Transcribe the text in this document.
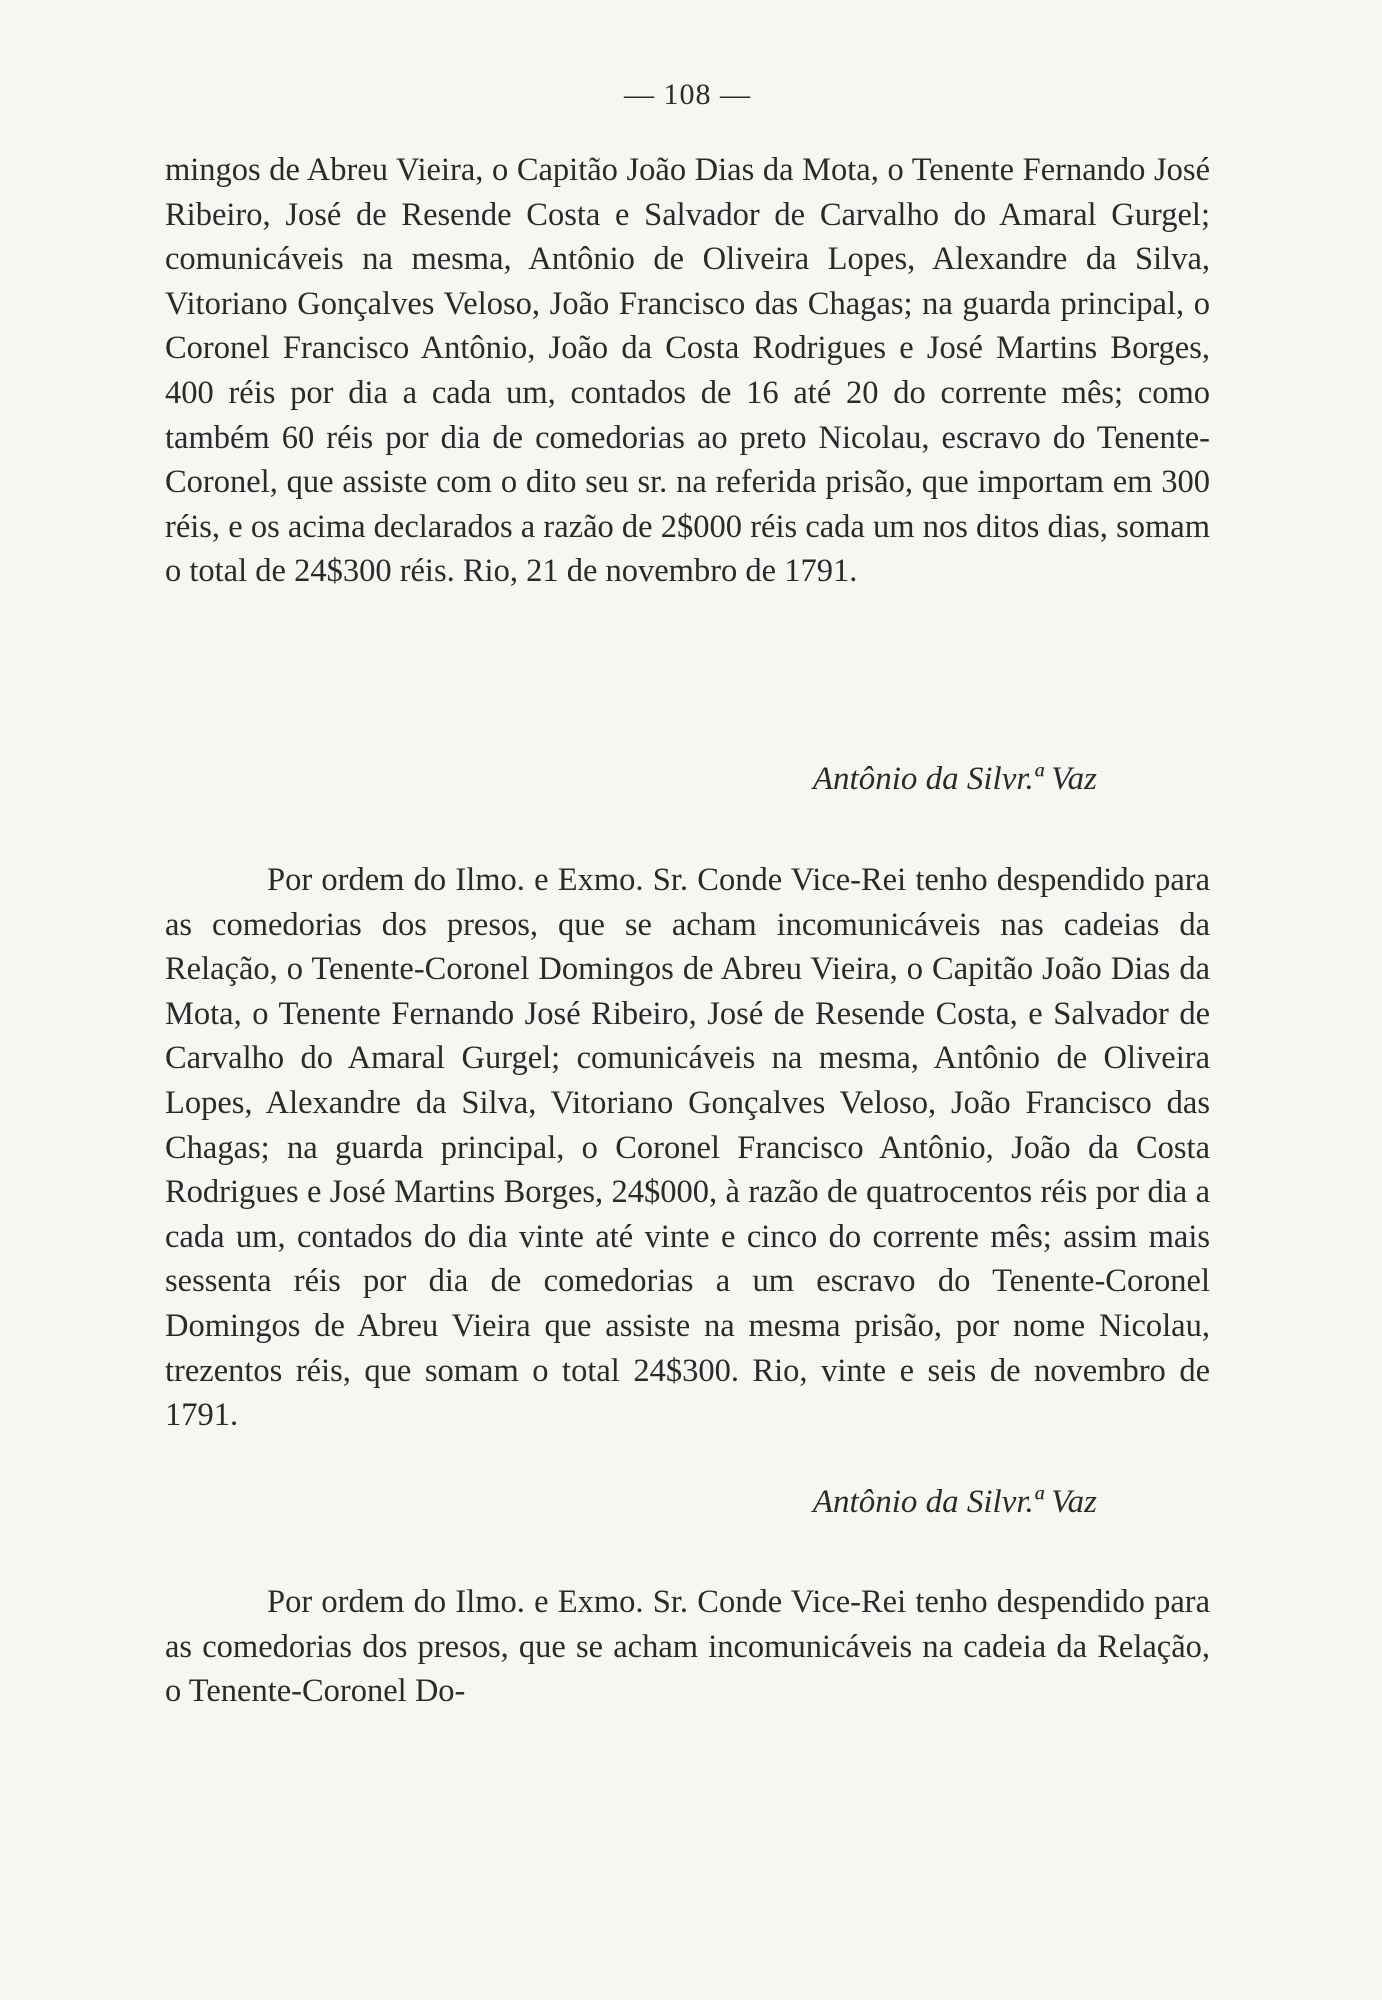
— 108 —

mingos de Abreu Vieira, o Capitão João Dias da Mota, o Tenente Fernando José Ribeiro, José de Resende Costa e Salvador de Carvalho do Amaral Gurgel; comunicáveis na mesma, Antônio de Oliveira Lopes, Alexandre da Silva, Vitoriano Gonçalves Veloso, João Francisco das Chagas; na guarda principal, o Coronel Francisco Antônio, João da Costa Rodrigues e José Martins Borges, 400 réis por dia a cada um, contados de 16 até 20 do corrente mês; como também 60 réis por dia de comedorias ao preto Nicolau, escravo do Tenente-Coronel, que assiste com o dito seu sr. na referida prisão, que importam em 300 réis, e os acima declarados a razão de 2$000 réis cada um nos ditos dias, somam o total de 24$300 réis. Rio, 21 de novembro de 1791.

Antônio da Silvr.ª Vaz

Por ordem do Ilmo. e Exmo. Sr. Conde Vice-Rei tenho despendido para as comedorias dos presos, que se acham incomunicáveis nas cadeias da Relação, o Tenente-Coronel Domingos de Abreu Vieira, o Capitão João Dias da Mota, o Tenente Fernando José Ribeiro, José de Resende Costa, e Salvador de Carvalho do Amaral Gurgel; comunicáveis na mesma, Antônio de Oliveira Lopes, Alexandre da Silva, Vitoriano Gonçalves Veloso, João Francisco das Chagas; na guarda principal, o Coronel Francisco Antônio, João da Costa Rodrigues e José Martins Borges, 24$000, à razão de quatrocentos réis por dia a cada um, contados do dia vinte até vinte e cinco do corrente mês; assim mais sessenta réis por dia de comedorias a um escravo do Tenente-Coronel Domingos de Abreu Vieira que assiste na mesma prisão, por nome Nicolau, trezentos réis, que somam o total 24$300. Rio, vinte e seis de novembro de 1791.

Antônio da Silvr.ª Vaz

Por ordem do Ilmo. e Exmo. Sr. Conde Vice-Rei tenho despendido para as comedorias dos presos, que se acham incomunicáveis na cadeia da Relação, o Tenente-Coronel Do-
